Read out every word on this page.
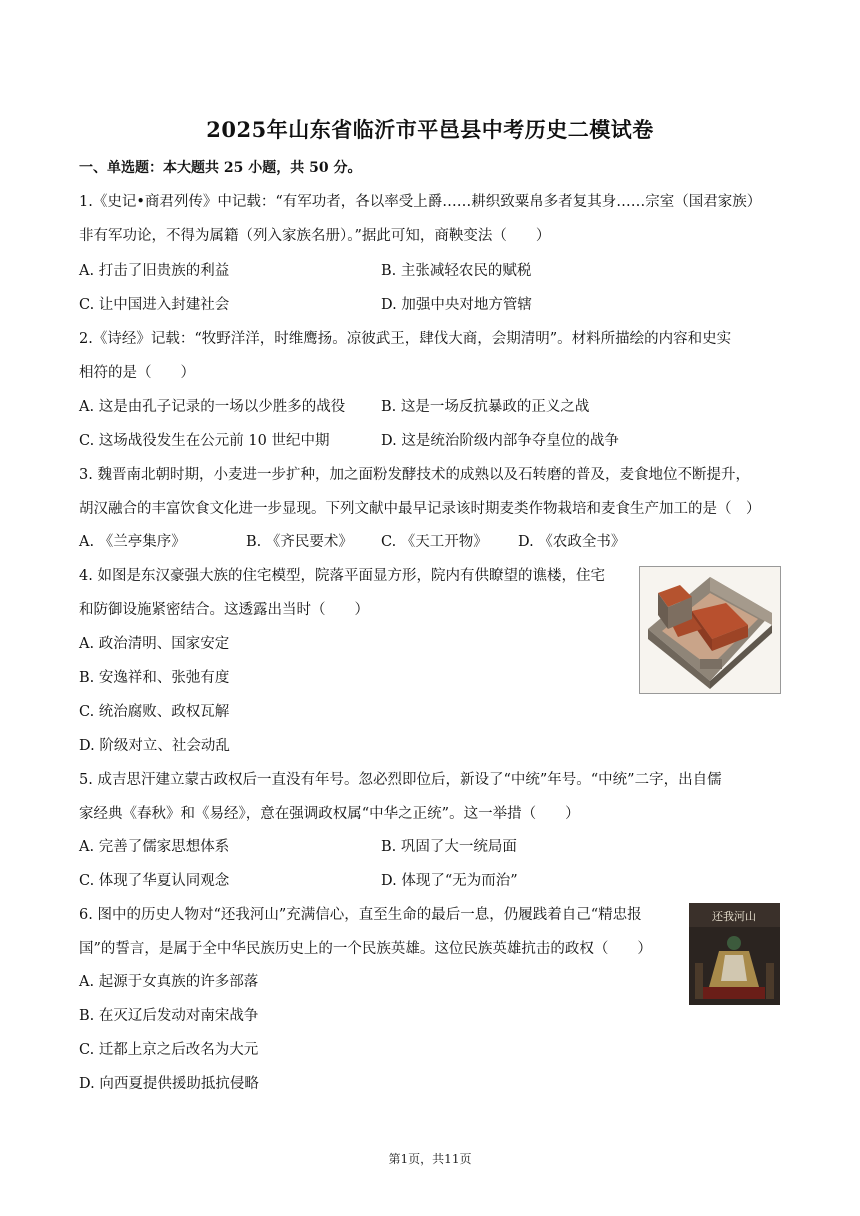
2025年山东省临沂市平邑县中考历史二模试卷
一、单选题：本大题共 25 小题，共 50 分。
1.《史记•商君列传》中记载：“有军功者，各以率受上爵……耕织致粟帛多者复其身……宗室（国君家族）
非有军功论，不得为属籍（列入家族名册）。”据此可知，商鞅变法（　　）
A. 打击了旧贵族的利益	B. 主张减轻农民的赋税
C. 让中国进入封建社会	D. 加强中央对地方管辖
2.《诗经》记载：“牧野洋洋，时维鹰扬。凉彼武王，肆伐大商，会期清明”。材料所描绘的内容和史实
相符的是（　　）
A. 这是由孔子记录的一场以少胜多的战役 B. 这是一场反抗暴政的正义之战
C. 这场战役发生在公元前 10 世纪中期	D. 这是统治阶级内部争夺皇位的战争
3. 魏晋南北朝时期，小麦进一步扩种，加之面粉发酵技术的成熟以及石转磨的普及，麦食地位不断提升，
胡汉融合的丰富饮食文化进一步显现。下列文献中最早记录该时期麦类作物栽培和麦食生产加工的是（　）
A. 《兰亭集序》	B. 《齐民要术》 C. 《天工开物》 D. 《农政全书》
4. 如图是东汉豪强大族的住宅模型，院落平面显方形，院内有供瞭望的谯楼，住宅
和防御设施紧密结合。这透露出当时（　　）
A. 政治清明、国家安定
B. 安逸祥和、张弛有度
C. 统治腐败、政权瓦解
D. 阶级对立、社会动乱
5. 成吉思汗建立蒙古政权后一直没有年号。忽必烈即位后，新设了“中统”年号。“中统”二字，出自儒
家经典《春秋》和《易经》，意在强调政权属“中华之正统”。这一举措（　　）
A. 完善了儒家思想体系	B. 巩固了大一统局面
C. 体现了华夏认同观念	D. 体现了“无为而治”
6. 图中的历史人物对“还我河山”充满信心，直至生命的最后一息，仍履践着自己“精忠报
国”的誓言，是属于全中华民族历史上的一个民族英雄。这位民族英雄抗击的政权（　　）
A. 起源于女真族的许多部落
B. 在灭辽后发动对南宋战争
C. 迁都上京之后改名为大元
D. 向西夏提供援助抵抗侵略
还我河山
第1页，共11页
